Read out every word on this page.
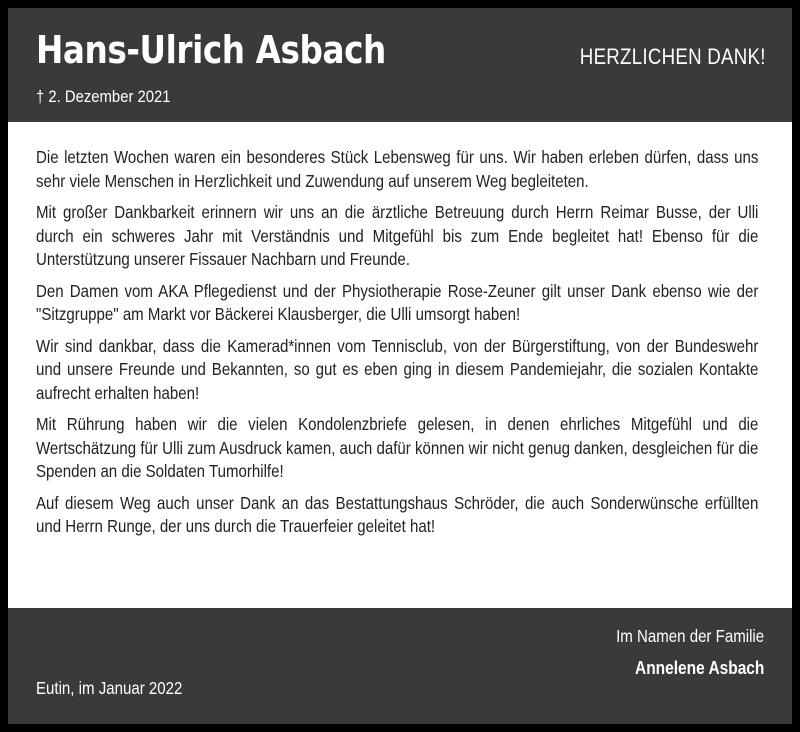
Hans-Ulrich Asbach
† 2. Dezember 2021
HERZLICHEN DANK!

Die letzten Wochen waren ein besonderes Stück Lebensweg für uns. Wir haben erleben dürfen, dass uns sehr viele Menschen in Herzlichkeit und Zuwendung auf unserem Weg begleiteten.

Mit großer Dankbarkeit erinnern wir uns an die ärztliche Betreuung durch Herrn Reimar Busse, der Ulli durch ein schweres Jahr mit Verständnis und Mitgefühl bis zum Ende begleitet hat! Ebenso für die Unterstützung unserer Fissauer Nachbarn und Freunde.

Den Damen vom AKA Pflegedienst und der Physiotherapie Rose-Zeuner gilt unser Dank ebenso wie der "Sitzgruppe" am Markt vor Bäckerei Klausberger, die Ulli umsorgt haben!

Wir sind dankbar, dass die Kamerad*innen vom Tennisclub, von der Bürgerstiftung, von der Bundeswehr und unsere Freunde und Bekannten, so gut es eben ging in diesem Pandemiejahr, die sozialen Kontakte aufrecht erhalten haben!

Mit Rührung haben wir die vielen Kondolenzbriefe gelesen, in denen ehrliches Mitgefühl und die Wertschätzung für Ulli zum Ausdruck kamen, auch dafür können wir nicht genug danken, desgleichen für die Spenden an die Soldaten Tumorhilfe!

Auf diesem Weg auch unser Dank an das Bestattungshaus Schröder, die auch Sonderwünsche erfüllten und Herrn Runge, der uns durch die Trauerfeier geleitet hat!

Im Namen der Familie
Annelene Asbach
Eutin, im Januar 2022
